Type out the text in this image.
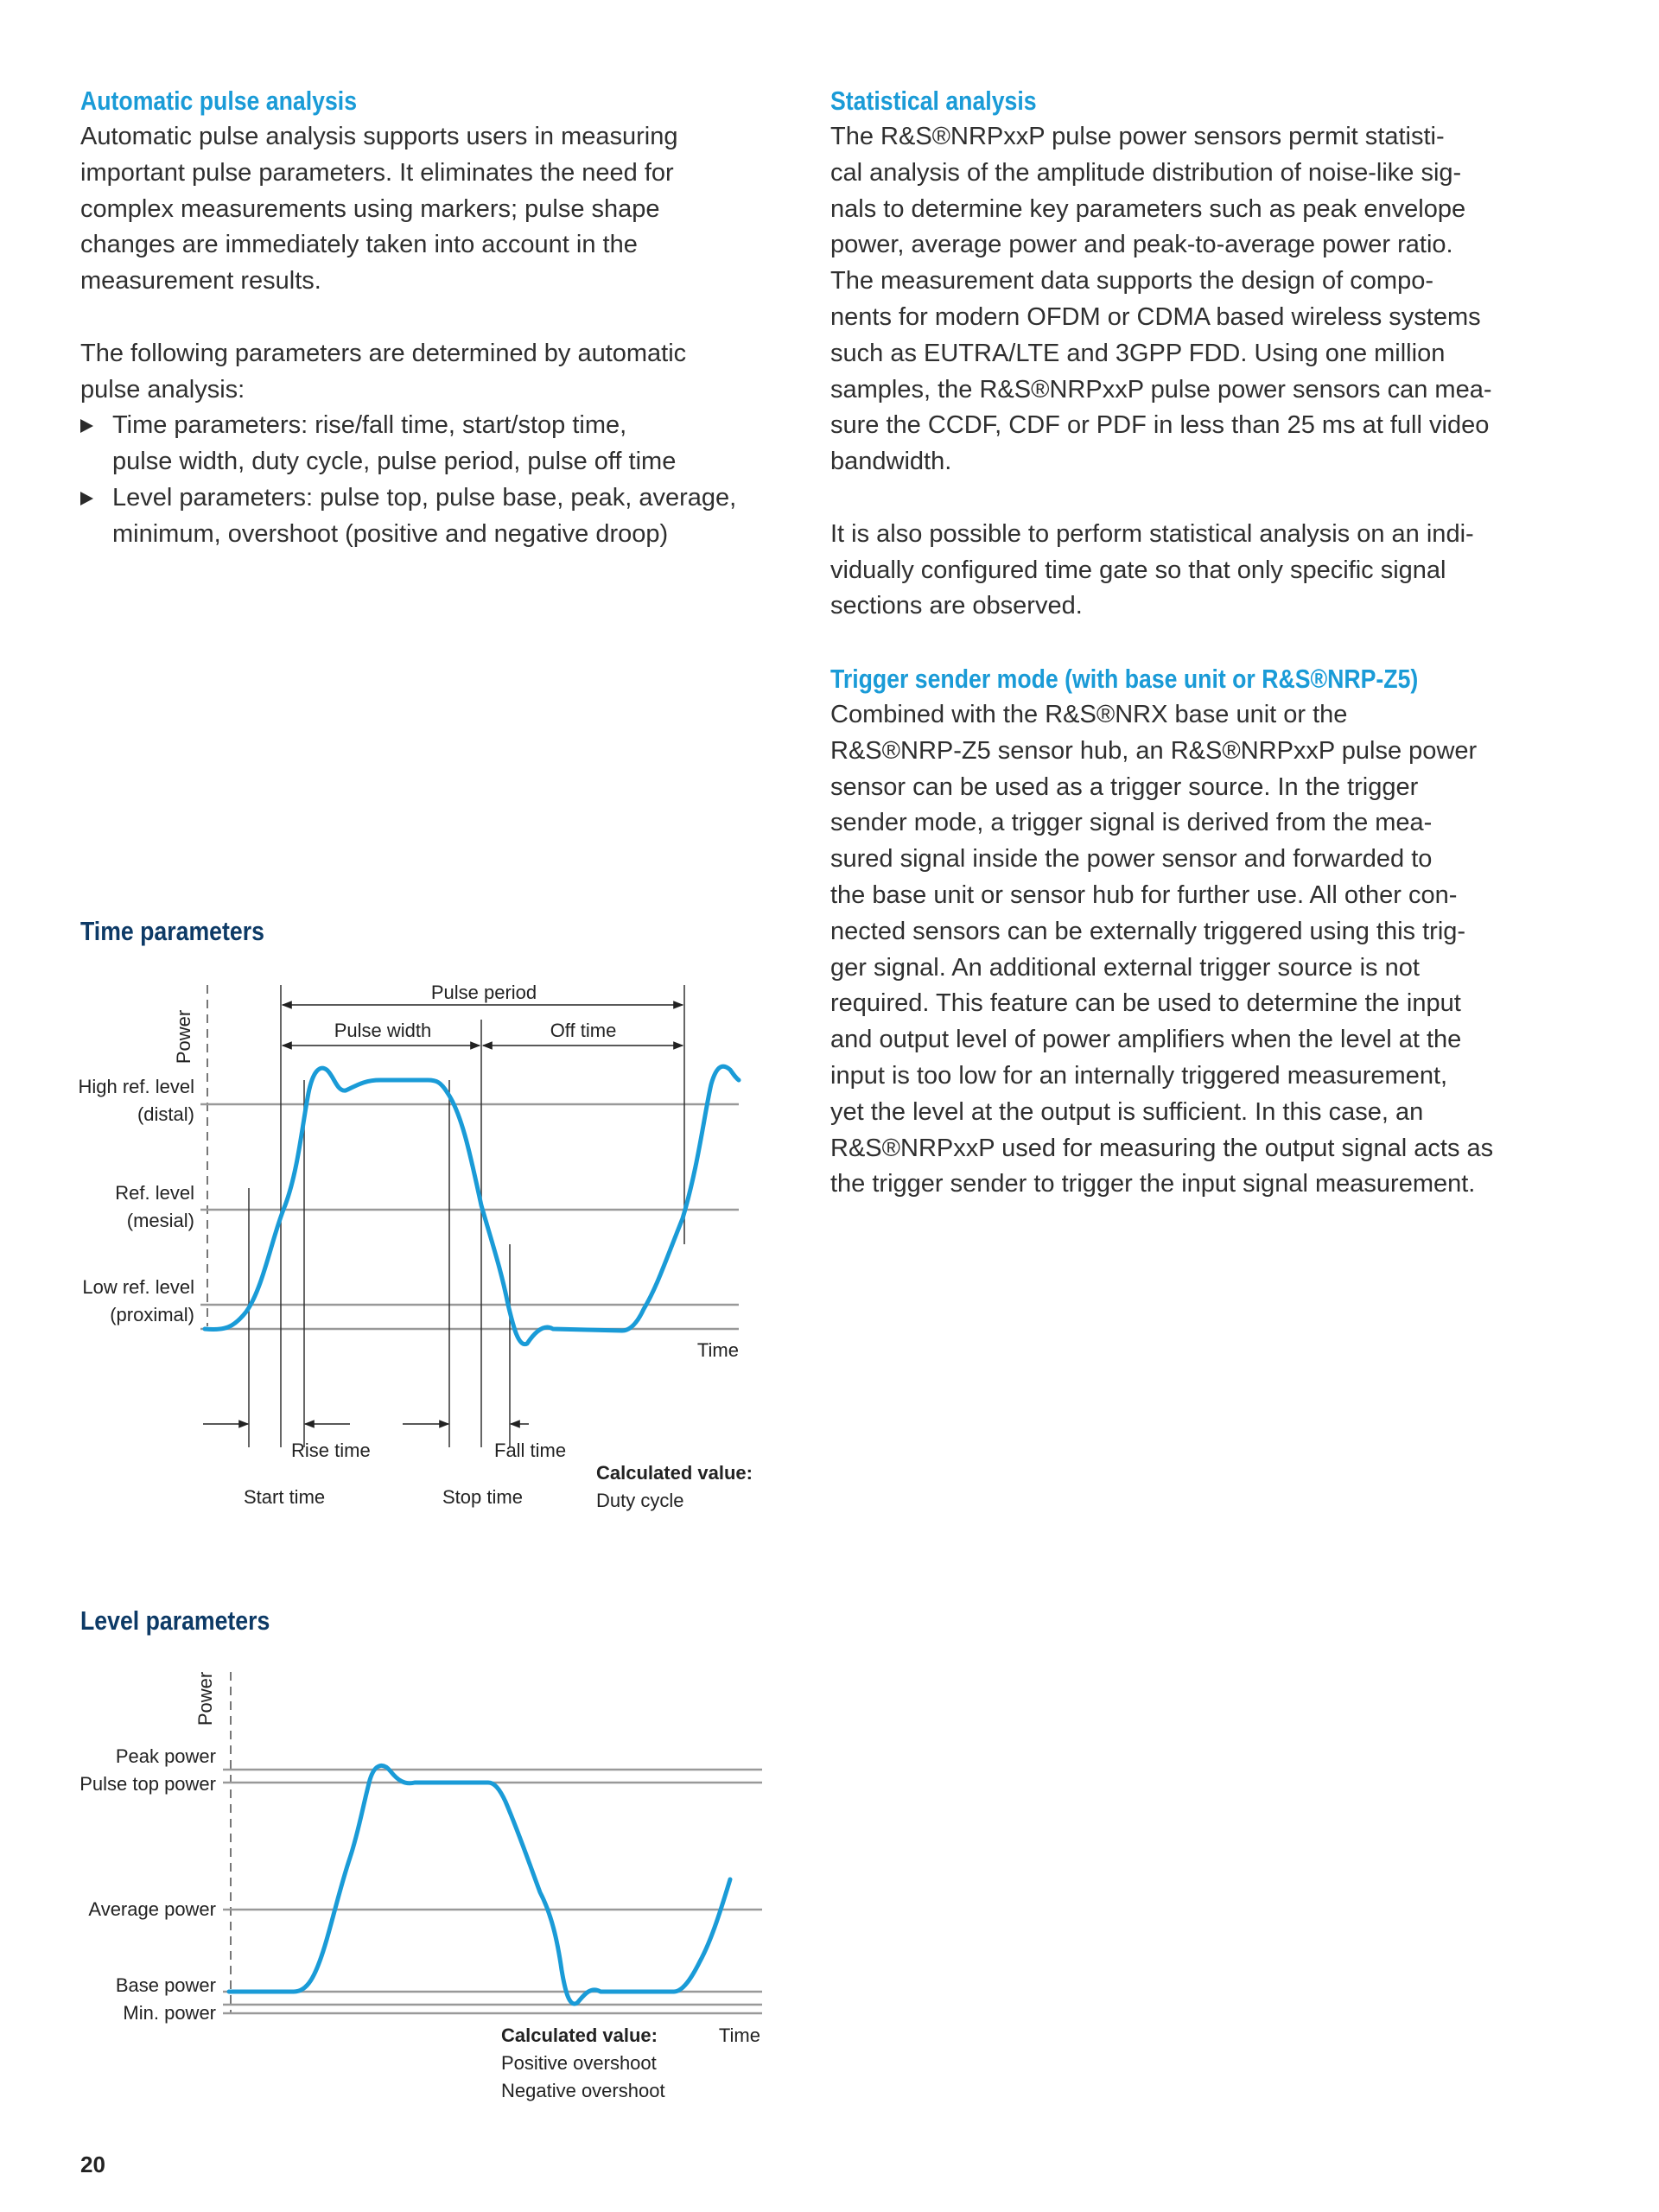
Automatic pulse analysis

Automatic pulse analysis supports users in measuring
important pulse parameters. It eliminates the need for
complex measurements using markers; pulse shape
changes are immediately taken into account in the
measurement results.

The following parameters are determined by automatic
pulse analysis:

Time parameters: rise/fall time, start/stop time,
pulse width, duty cycle, pulse period, pulse off time
Level parameters: pulse top, pulse base, peak, average,
minimum, overshoot (positive and negative droop)
Statistical analysis

The R&S®NRPxxP pulse power sensors permit statisti-
cal analysis of the amplitude distribution of noise-like sig-
nals to determine key parameters such as peak envelope
power, average power and peak-to-average power ratio.
The measurement data supports the design of compo-
nents for modern OFDM or CDMA based wireless systems
such as EUTRA/LTE and 3GPP FDD. Using one million
samples, the R&S®NRPxxP pulse power sensors can mea-
sure the CCDF, CDF or PDF in less than 25 ms at full video
bandwidth.

It is also possible to perform statistical analysis on an indi-
vidually configured time gate so that only specific signal
sections are observed.

Trigger sender mode (with base unit or R&S®NRP-Z5)

Combined with the R&S®NRX base unit or the
R&S®NRP-Z5 sensor hub, an R&S®NRPxxP pulse power
sensor can be used as a trigger source. In the trigger
sender mode, a trigger signal is derived from the mea-
sured signal inside the power sensor and forwarded to
the base unit or sensor hub for further use. All other con-
nected sensors can be externally triggered using this trig-
ger signal. An additional external trigger source is not
required. This feature can be used to determine the input
and output level of power amplifiers when the level at the
input is too low for an internally triggered measurement,
yet the level at the output is sufficient. In this case, an
R&S®NRPxxP used for measuring the output signal acts as
the trigger sender to trigger the input signal measurement.

Time parameters
Power
High ref. level
(distal)
Ref. level
(mesial)
Low ref. level
(proximal)
Pulse period
Pulse width	Off time
Time
Rise time	Fall time
Start time	Stop time
Calculated value:
Duty cycle
Level parameters
Power
Peak power
Pulse top power
Average power
Base power
Min. power
Time
Calculated value:
Positive overshoot
Negative overshoot
20
